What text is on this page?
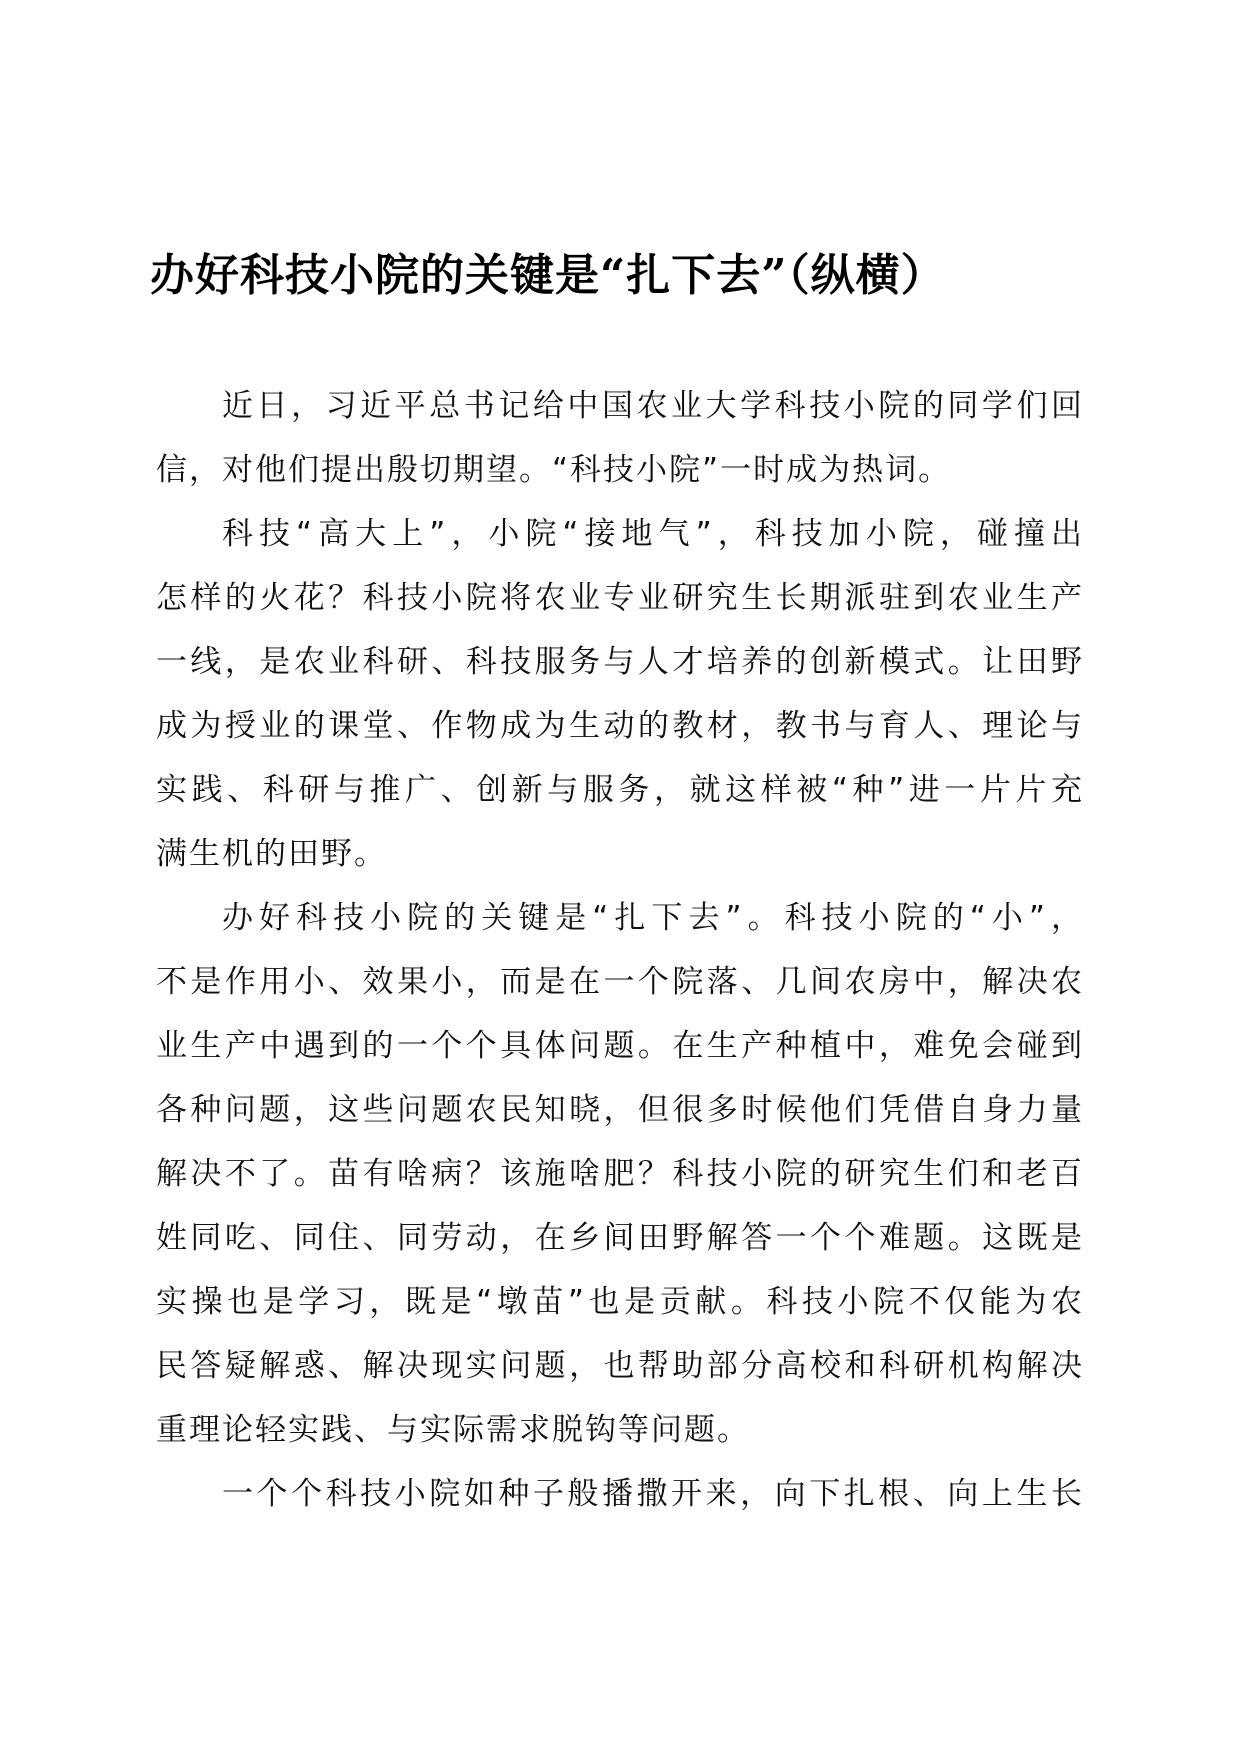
办好科技小院的关键是“扎下去”（纵横）
近日，习近平总书记给中国农业大学科技小院的同学们回
信，对他们提出殷切期望。“科技小院”一时成为热词。
科技“高大上”，小院“接地气”，科技加小院，碰撞出
怎样的火花？科技小院将农业专业研究生长期派驻到农业生产
一线，是农业科研、科技服务与人才培养的创新模式。让田野
成为授业的课堂、作物成为生动的教材，教书与育人、理论与
实践、科研与推广、创新与服务，就这样被“种”进一片片充
满生机的田野。
办好科技小院的关键是“扎下去”。科技小院的“小”，
不是作用小、效果小，而是在一个院落、几间农房中，解决农
业生产中遇到的一个个具体问题。在生产种植中，难免会碰到
各种问题，这些问题农民知晓，但很多时候他们凭借自身力量
解决不了。苗有啥病？该施啥肥？科技小院的研究生们和老百
姓同吃、同住、同劳动，在乡间田野解答一个个难题。这既是
实操也是学习，既是“墩苗”也是贡献。科技小院不仅能为农
民答疑解惑、解决现实问题，也帮助部分高校和科研机构解决
重理论轻实践、与实际需求脱钩等问题。
一个个科技小院如种子般播撒开来，向下扎根、向上生长
